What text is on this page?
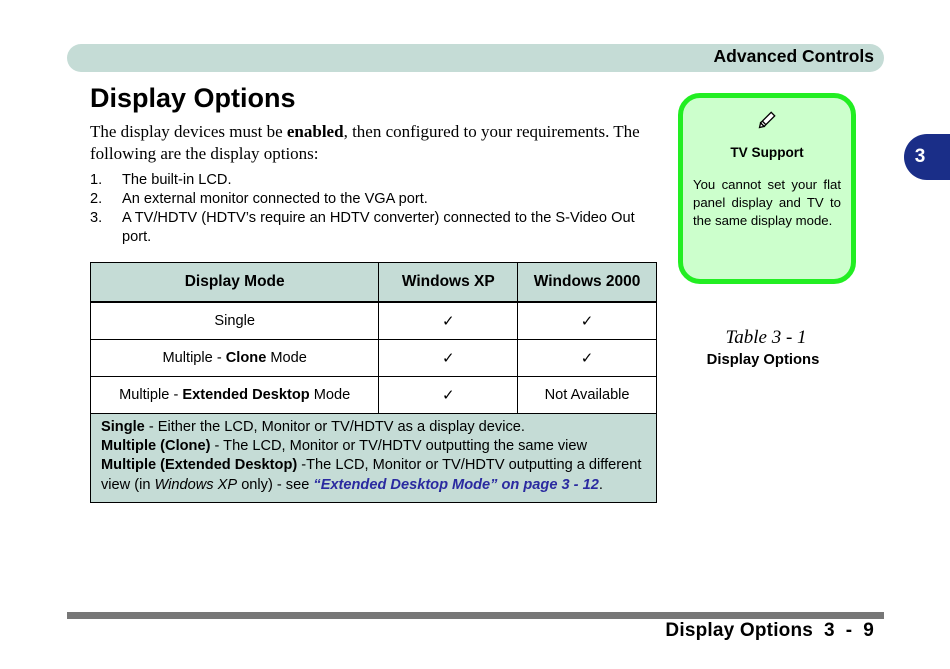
Advanced Controls
Display Options
The display devices must be enabled, then configured to your requirements. The following are the display options:
1. The built-in LCD.
2. An external monitor connected to the VGA port.
3. A TV/HDTV (HDTV’s require an HDTV converter) connected to the S-Video Out port.
Display Mode	Windows XP	Windows 2000
Single	✓	✓
Multiple - Clone Mode	✓	✓
Multiple - Extended Desktop Mode	✓	Not Available
Single - Either the LCD, Monitor or TV/HDTV as a display device.
Multiple (Clone) - The LCD, Monitor or TV/HDTV outputting the same view
Multiple (Extended Desktop) -The LCD, Monitor or TV/HDTV outputting a different view (in Windows XP only) - see “Extended Desktop Mode” on page 3 - 12.		
TV Support
You cannot set your flat panel display and TV to the same display mode.
Table 3 - 1
Display Options
3
Display Options  3  -  9
